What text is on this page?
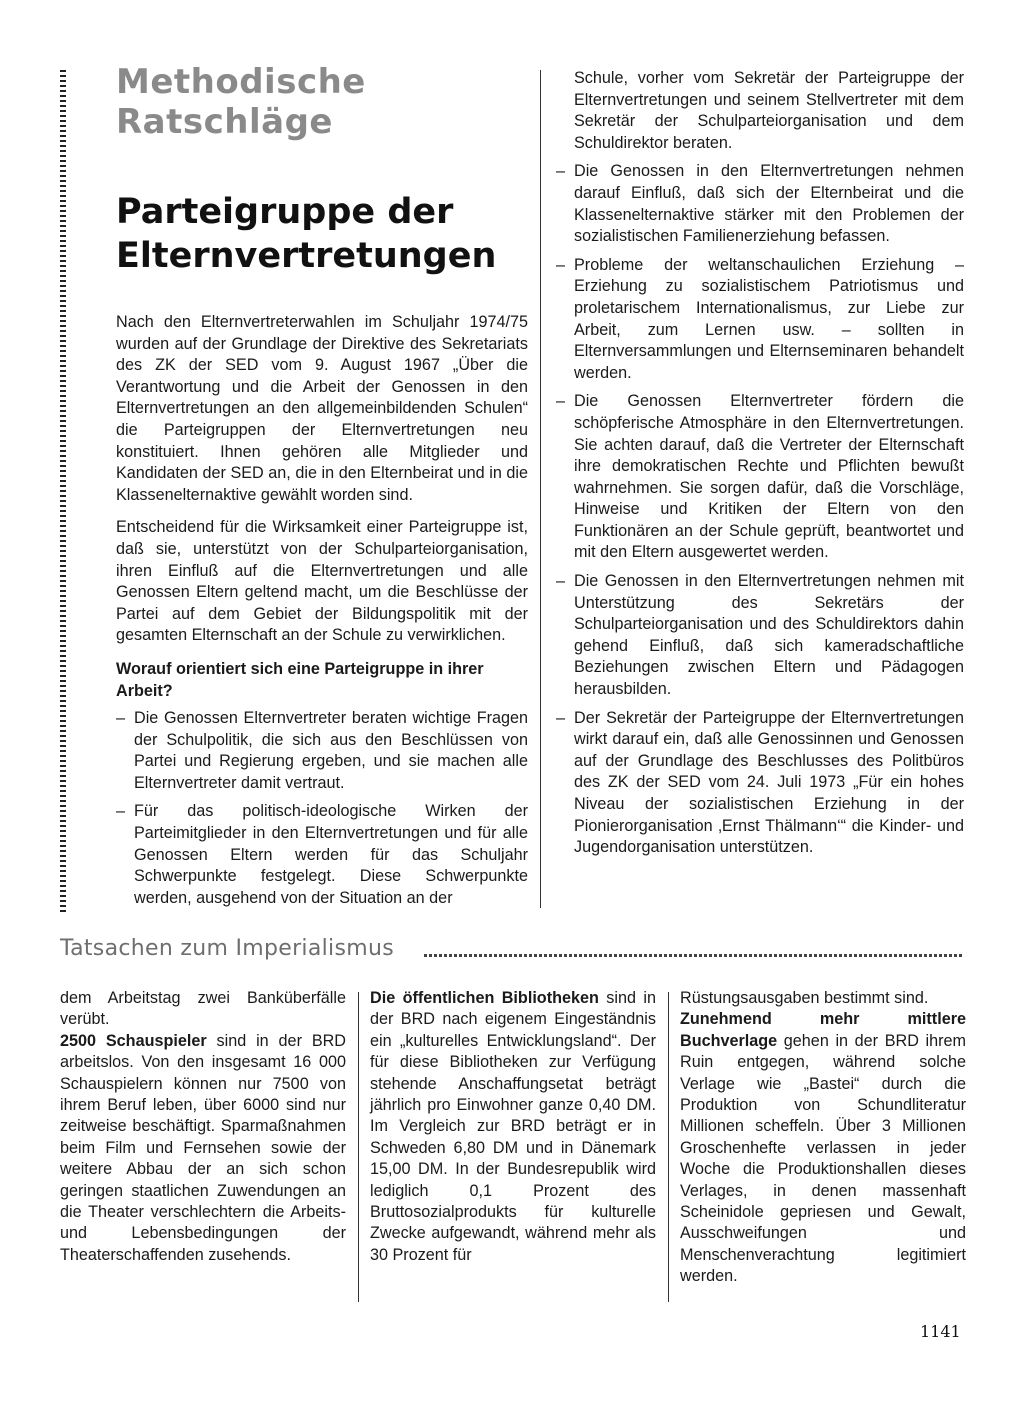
Methodische Ratschläge
Parteigruppe der
Elternvertretungen

Nach den Elternvertreterwahlen im Schuljahr 1974/75 wurden auf der Grundlage der Direktive des Sekretariats des ZK der SED vom 9. August 1967 „Über die Verantwortung und die Arbeit der Genossen in den Elternvertretungen an den allgemeinbildenden Schulen“ die Parteigruppen der Elternvertretungen neu konstituiert. Ihnen gehören alle Mitglieder und Kandidaten der SED an, die in den Elternbeirat und in die Klassenelternaktive gewählt worden sind.

Entscheidend für die Wirksamkeit einer Parteigruppe ist, daß sie, unterstützt von der Schulparteiorganisation, ihren Einfluß auf die Elternvertretungen und alle Genossen Eltern geltend macht, um die Beschlüsse der Partei auf dem Gebiet der Bildungspolitik mit der gesamten Elternschaft an der Schule zu verwirklichen.

Worauf orientiert sich eine Parteigruppe in ihrer Arbeit?
– Die Genossen Elternvertreter beraten wichtige Fragen der Schulpolitik, die sich aus den Beschlüssen von Partei und Regierung ergeben, und sie machen alle Elternvertreter damit vertraut.
– Für das politisch-ideologische Wirken der Parteimitglieder in den Elternvertretungen und für alle Genossen Eltern werden für das Schuljahr Schwerpunkte festgelegt. Diese Schwerpunkte werden, ausgehend von der Situation an der

Schule, vorher vom Sekretär der Parteigruppe der Elternvertretungen und seinem Stellvertreter mit dem Sekretär der Schulparteiorganisation und dem Schuldirektor beraten.

– Die Genossen in den Elternvertretungen nehmen darauf Einfluß, daß sich der Elternbeirat und die Klassenelternaktive stärker mit den Problemen der sozialistischen Familienerziehung befassen.
– Probleme der weltanschaulichen Erziehung – Erziehung zu sozialistischem Patriotismus und proletarischem Internationalismus, zur Liebe zur Arbeit, zum Lernen usw. – sollten in Elternversammlungen und Elternseminaren behandelt werden.
– Die Genossen Elternvertreter fördern die schöpferische Atmosphäre in den Elternvertretungen. Sie achten darauf, daß die Vertreter der Elternschaft ihre demokratischen Rechte und Pflichten bewußt wahrnehmen. Sie sorgen dafür, daß die Vorschläge, Hinweise und Kritiken der Eltern von den Funktionären an der Schule geprüft, beantwortet und mit den Eltern ausgewertet werden.
– Die Genossen in den Elternvertretungen nehmen mit Unterstützung des Sekretärs der Schulparteiorganisation und des Schuldirektors dahin gehend Einfluß, daß sich kameradschaftliche Beziehungen zwischen Eltern und Pädagogen herausbilden.
– Der Sekretär der Parteigruppe der Elternvertretungen wirkt darauf ein, daß alle Genossinnen und Genossen auf der Grundlage des Beschlusses des Politbüros des ZK der SED vom 24. Juli 1973 „Für ein hohes Niveau der sozialistischen Erziehung in der Pionierorganisation ‚Ernst Thälmann‘“ die Kinder- und Jugendorganisation unterstützen.
Tatsachen zum Imperialismus

dem Arbeitstag zwei Banküberfälle verübt.
2500 Schauspieler sind in der BRD arbeitslos. Von den insgesamt 16 000 Schauspielern können nur 7500 von ihrem Beruf leben, über 6000 sind nur zeitweise beschäftigt. Sparmaßnahmen beim Film und Fernsehen sowie der weitere Abbau der an sich schon geringen staatlichen Zuwendungen an die Theater verschlechtern die Arbeits- und Lebensbedingungen der Theaterschaffenden zusehends.

Die öffentlichen Bibliotheken sind in der BRD nach eigenem Eingeständnis ein „kulturelles Entwicklungsland“. Der für diese Bibliotheken zur Verfügung stehende Anschaffungsetat beträgt jährlich pro Einwohner ganze 0,40 DM. Im Vergleich zur BRD beträgt er in Schweden 6,80 DM und in Dänemark 15,00 DM. In der Bundesrepublik wird lediglich 0,1 Prozent des Bruttosozialprodukts für kulturelle Zwecke aufgewandt, während mehr als 30 Prozent für

Rüstungsausgaben bestimmt sind.
Zunehmend mehr mittlere Buchverlage gehen in der BRD ihrem Ruin entgegen, während solche Verlage wie „Bastei“ durch die Produktion von Schundliteratur Millionen scheffeln. Über 3 Millionen Groschenhefte verlassen in jeder Woche die Produktionshallen dieses Verlages, in denen massenhaft Scheinidole gepriesen und Gewalt, Ausschweifungen und Menschenverachtung legitimiert werden.

1141
